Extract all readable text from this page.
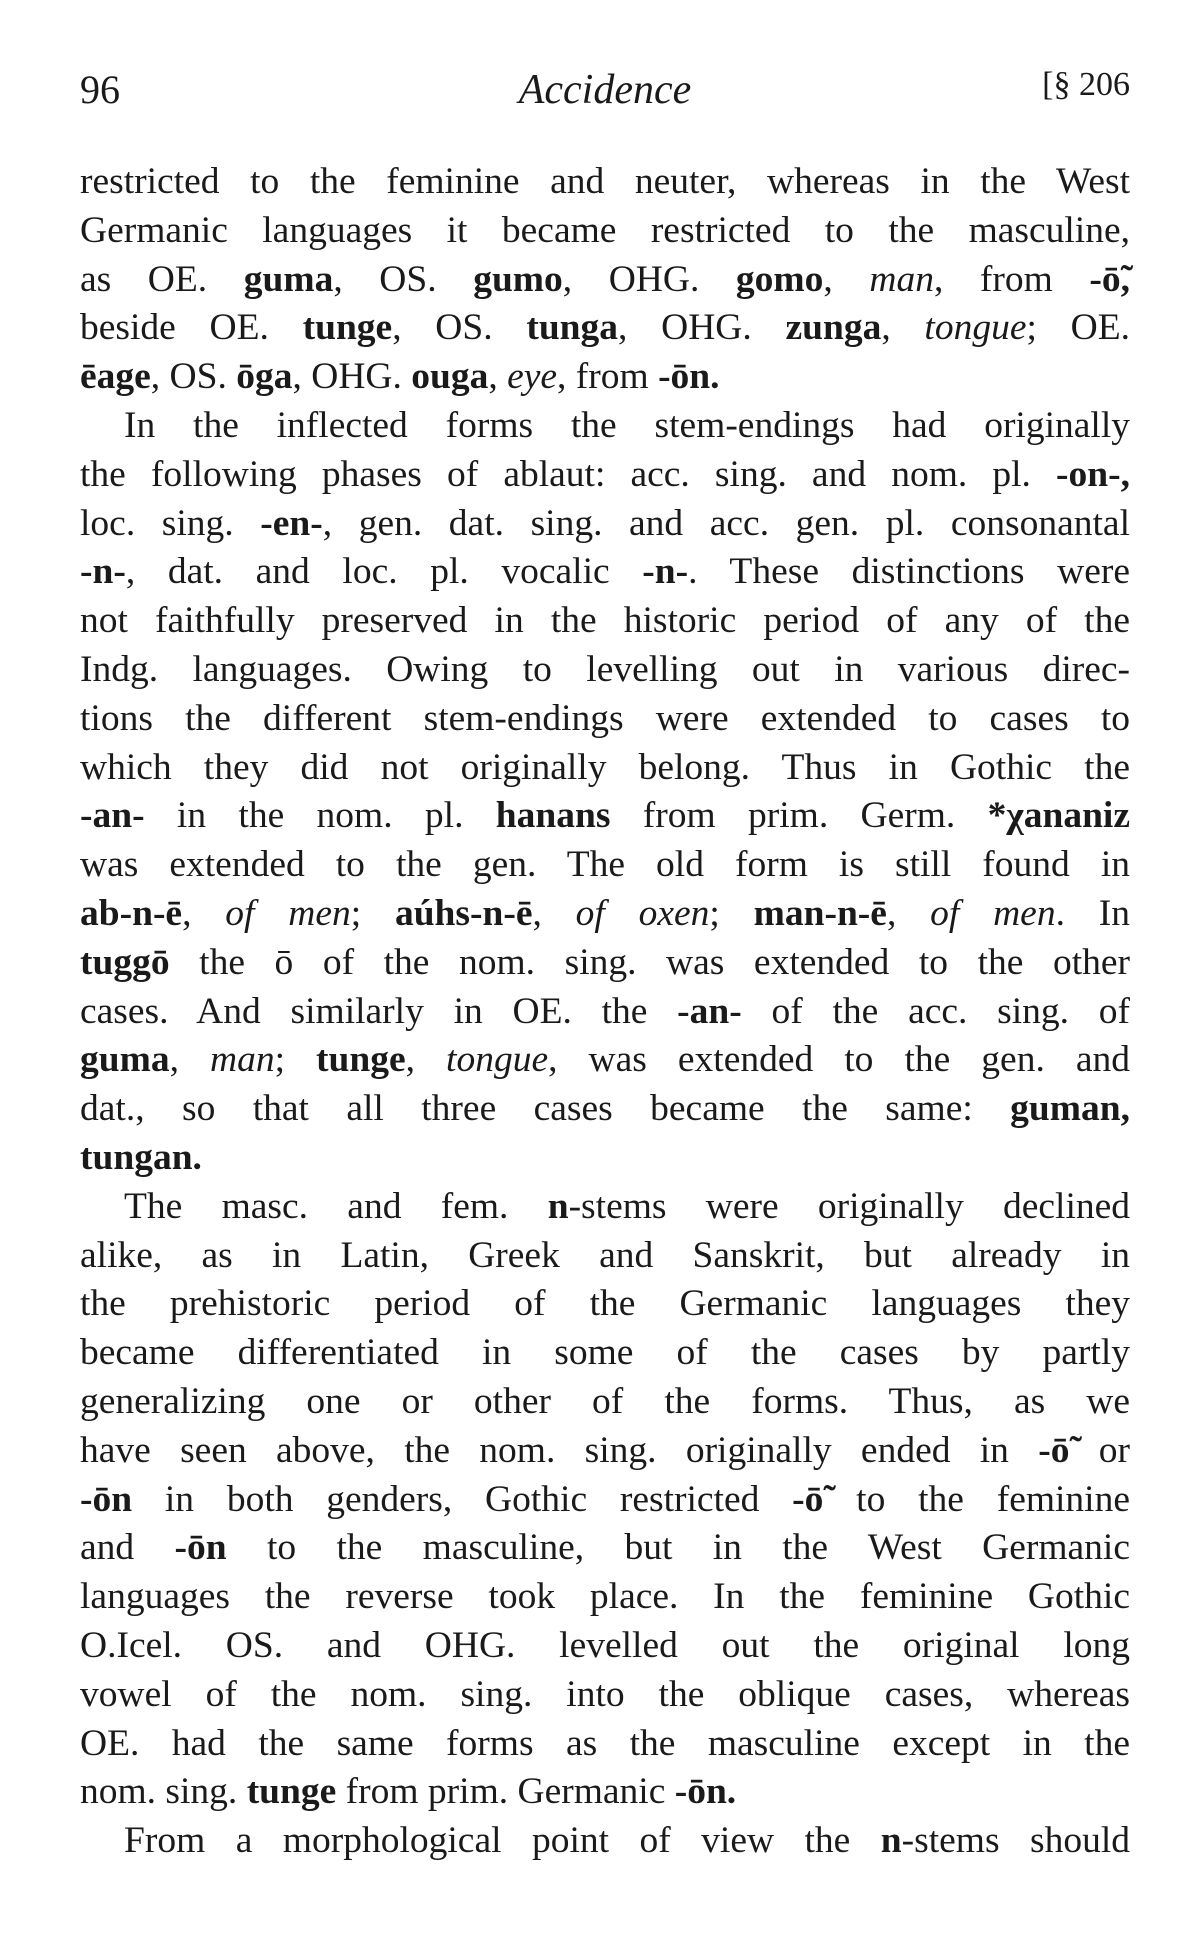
96	Accidence	[§ 206
restricted to the feminine and neuter, whereas in the West
Germanic languages it became restricted to the masculine,
as OE. guma, OS. gumo, OHG. gomo, man, from -ō̃,
beside OE. tunge, OS. tunga, OHG. zunga, tongue; OE.
ēage, OS. ōga, OHG. ouga, eye, from -ōn.
In the inflected forms the stem-endings had originally
the following phases of ablaut: acc. sing. and nom. pl. -on-,
loc. sing. -en-, gen. dat. sing. and acc. gen. pl. consonantal
-n-, dat. and loc. pl. vocalic -n-. These distinctions were
not faithfully preserved in the historic period of any of the
Indg. languages. Owing to levelling out in various direc-
tions the different stem-endings were extended to cases to
which they did not originally belong. Thus in Gothic the
-an- in the nom. pl. hanans from prim. Germ. *χananiz
was extended to the gen. The old form is still found in
ab-n-ē, of men; aúhs-n-ē, of oxen; man-n-ē, of men. In
tuggō the ō of the nom. sing. was extended to the other
cases. And similarly in OE. the -an- of the acc. sing. of
guma, man; tunge, tongue, was extended to the gen. and
dat., so that all three cases became the same: guman,
tungan.
The masc. and fem. n-stems were originally declined
alike, as in Latin, Greek and Sanskrit, but already in
the prehistoric period of the Germanic languages they
became differentiated in some of the cases by partly
generalizing one or other of the forms. Thus, as we
have seen above, the nom. sing. originally ended in -ō̃ or
-ōn in both genders, Gothic restricted -ō̃ to the feminine
and -ōn to the masculine, but in the West Germanic
languages the reverse took place. In the feminine Gothic
O.Icel. OS. and OHG. levelled out the original long
vowel of the nom. sing. into the oblique cases, whereas
OE. had the same forms as the masculine except in the
nom. sing. tunge from prim. Germanic -ōn.
From a morphological point of view the n-stems should
